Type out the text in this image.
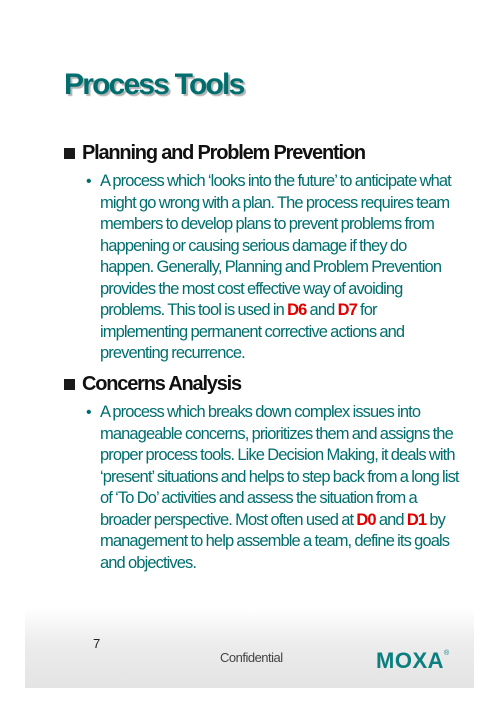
Process Tools
Planning and Problem Prevention
• A process which ‘looks into the future’ to anticipate what might go wrong with a plan. The process requires team members to develop plans to prevent problems from happening or causing serious damage if they do happen. Generally, Planning and Problem Prevention provides the most cost effective way of avoiding problems. This tool is used in D6 and D7 for implementing permanent corrective actions and preventing recurrence.
Concerns Analysis
• A process which breaks down complex issues into manageable concerns, prioritizes them and assigns the proper process tools. Like Decision Making, it deals with ‘present’ situations and helps to step back from a long list of ‘To Do’ activities and assess the situation from a broader perspective. Most often used at D0 and D1 by management to help assemble a team, define its goals and objectives.
7
Confidential	MOXA®
